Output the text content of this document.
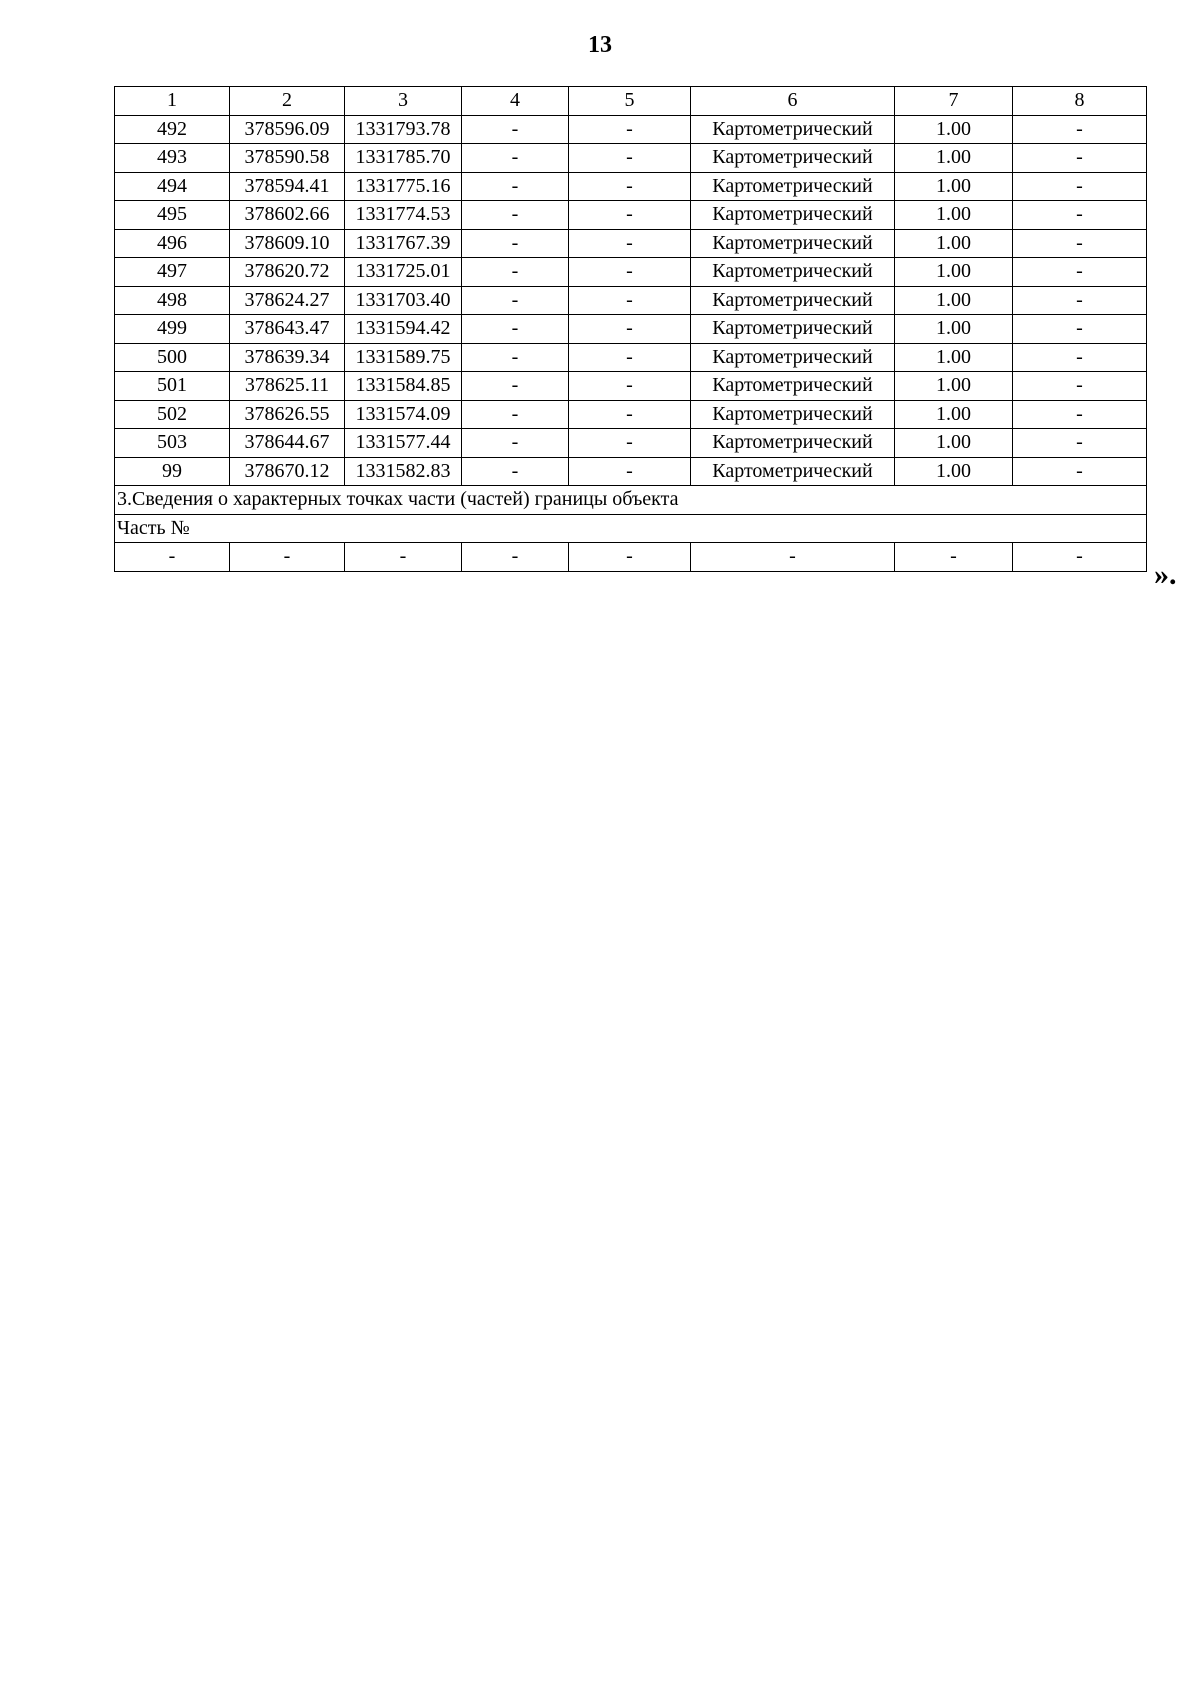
13
1	2	3	4	5	6	7	8
492	378596.09	1331793.78	-	-	Картометрический	1.00	-
493	378590.58	1331785.70	-	-	Картометрический	1.00	-
494	378594.41	1331775.16	-	-	Картометрический	1.00	-
495	378602.66	1331774.53	-	-	Картометрический	1.00	-
496	378609.10	1331767.39	-	-	Картометрический	1.00	-
497	378620.72	1331725.01	-	-	Картометрический	1.00	-
498	378624.27	1331703.40	-	-	Картометрический	1.00	-
499	378643.47	1331594.42	-	-	Картометрический	1.00	-
500	378639.34	1331589.75	-	-	Картометрический	1.00	-
501	378625.11	1331584.85	-	-	Картометрический	1.00	-
502	378626.55	1331574.09	-	-	Картометрический	1.00	-
503	378644.67	1331577.44	-	-	Картометрический	1.00	-
99	378670.12	1331582.83	-	-	Картометрический	1.00	-
3.Сведения о характерных точках части (частей) границы объекта							
Часть №							
-	-	-	-	-	-	-	-
».
